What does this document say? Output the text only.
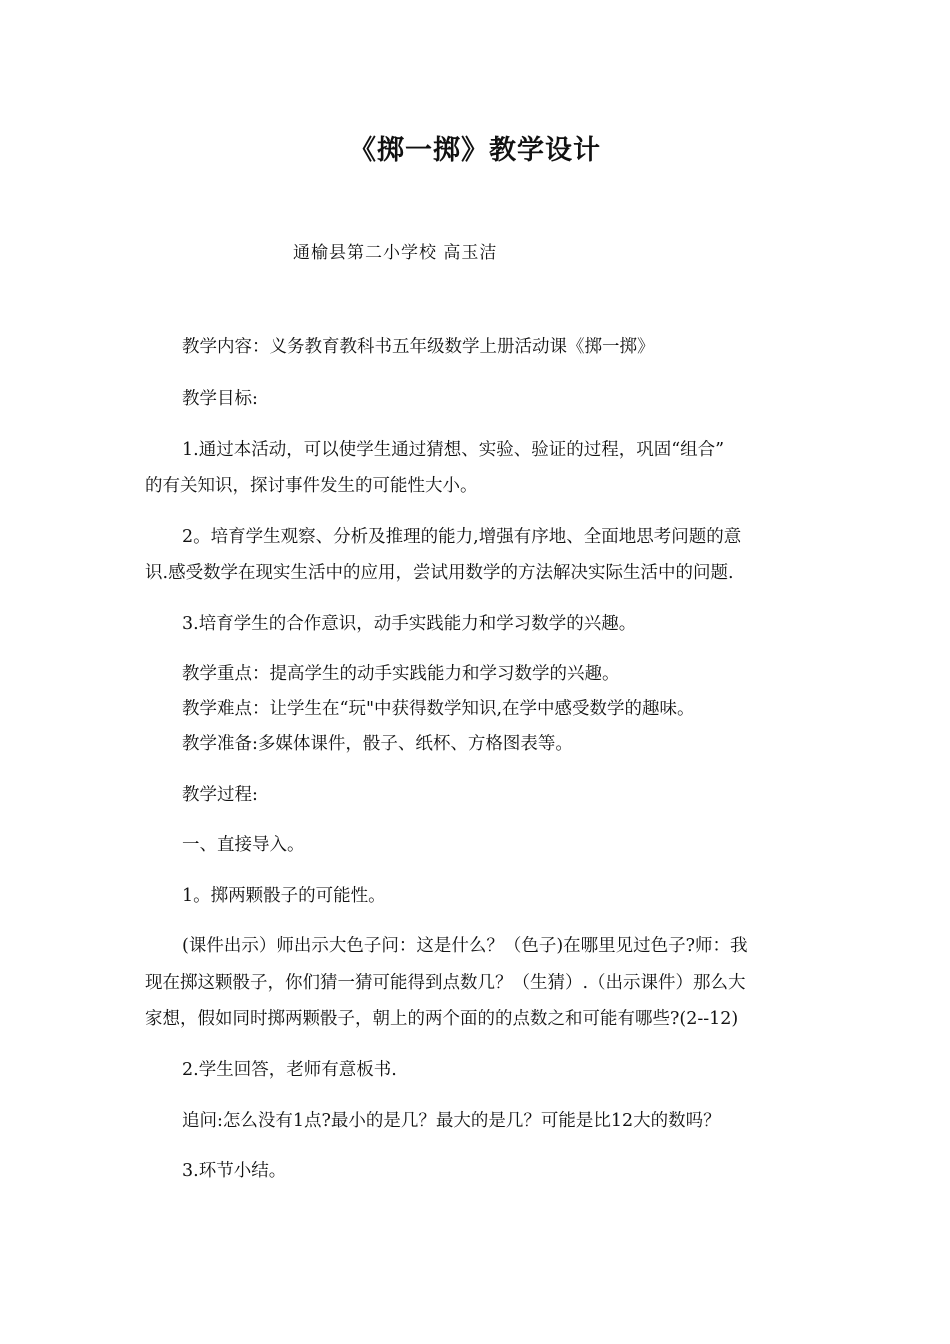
《掷一掷》教学设计
通榆县第二小学校 高玉洁
教学内容：义务教育教科书五年级数学上册活动课《掷一掷》
教学目标:
1.通过本活动，可以使学生通过猜想、实验、验证的过程，巩固“组合”
的有关知识，探讨事件发生的可能性大小。
2。培育学生观察、分析及推理的能力,增强有序地、全面地思考问题的意
识.感受数学在现实生活中的应用，尝试用数学的方法解决实际生活中的问题.
3.培育学生的合作意识，动手实践能力和学习数学的兴趣。
教学重点：提高学生的动手实践能力和学习数学的兴趣。
教学难点：让学生在“玩"中获得数学知识,在学中感受数学的趣味。
教学准备:多媒体课件，骰子、纸杯、方格图表等。
教学过程:
一、直接导入。
1。掷两颗骰子的可能性。
(课件出示）师出示大色子问：这是什么？（色子)在哪里见过色子?师：我
现在掷这颗骰子，你们猜一猜可能得到点数几？（生猜）.（出示课件）那么大
家想，假如同时掷两颗骰子，朝上的两个面的的点数之和可能有哪些?(2--12)
2.学生回答，老师有意板书.
追问:怎么没有1点?最小的是几？最大的是几？可能是比12大的数吗？
3.环节小结。
